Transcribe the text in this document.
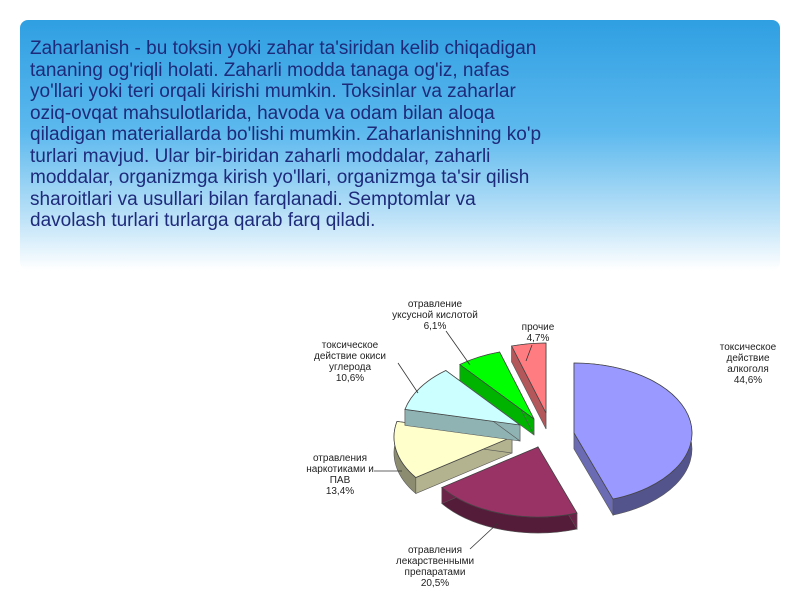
Zaharlanish - bu toksin yoki zahar ta'siridan kelib chiqadigan tananing og'riqli holati. Zaharli modda tanaga og'iz, nafas yo'llari yoki teri orqali kirishi mumkin. Toksinlar va zaharlar oziq-ovqat mahsulotlarida, havoda va odam bilan aloqa qiladigan materiallarda bo'lishi mumkin. Zaharlanishning ko'p turlari mavjud. Ular bir-biridan zaharli moddalar, zaharli moddalar, organizmga kirish yo'llari, organizmga ta'sir qilish sharoitlari va usullari bilan farqlanadi. Semptomlar va davolash turlari turlarga qarab farq qiladi.

токсическое действие алкоголя 44,6%
отравления лекарственными препаратами 20,5%
отравления наркотиками и ПАВ 13,4%
токсическое действие окиси углерода 10,6%
отравление уксусной кислотой 6,1%	прочие 4,7%
